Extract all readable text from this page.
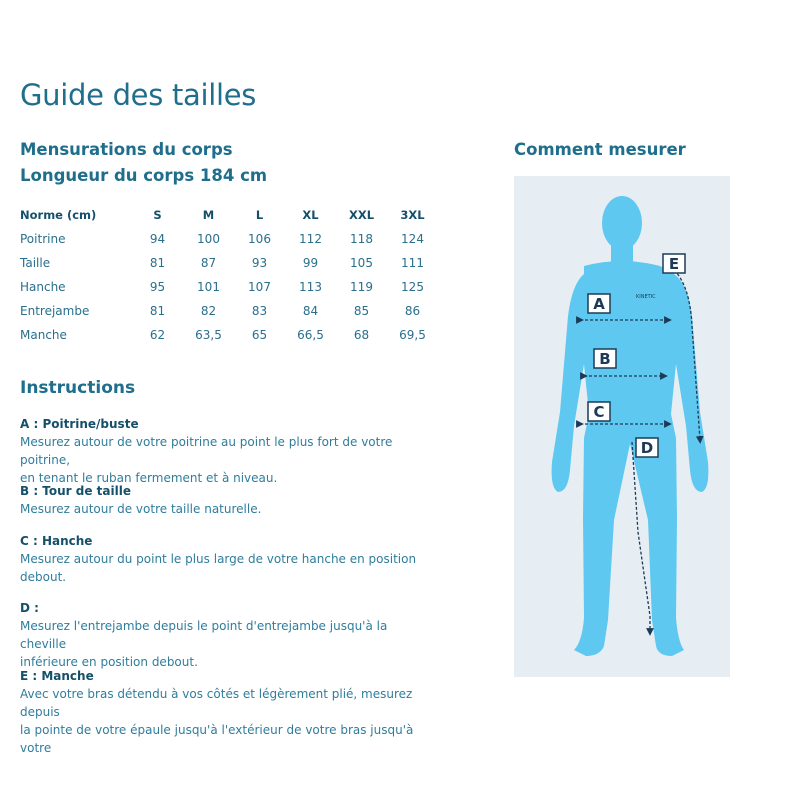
Guide des tailles
Mensurations du corps
Longueur du corps 184 cm
Norme (cm)	S	M	L	XL	XXL	3XL
Poitrine	94	100	106	112	118	124
Taille	81	87	93	99	105	111
Hanche	95	101	107	113	119	125
Entrejambe	81	82	83	84	85	86
Manche	62	63,5	65	66,5	68	69,5
Instructions
A : Poitrine/buste
Mesurez autour de votre poitrine au point le plus fort de votre poitrine,
en tenant le ruban fermement et à niveau.
B : Tour de taille
Mesurez autour de votre taille naturelle.
C : Hanche
Mesurez autour du point le plus large de votre hanche en position
debout.
D :
Mesurez l'entrejambe depuis le point d'entrejambe jusqu'à la cheville
inférieure en position debout.
E : Manche
Avec votre bras détendu à vos côtés et légèrement plié, mesurez depuis
la pointe de votre épaule jusqu'à l'extérieur de votre bras jusqu'à votre
Comment mesurer
KINETIC
A
B
C
D
E
